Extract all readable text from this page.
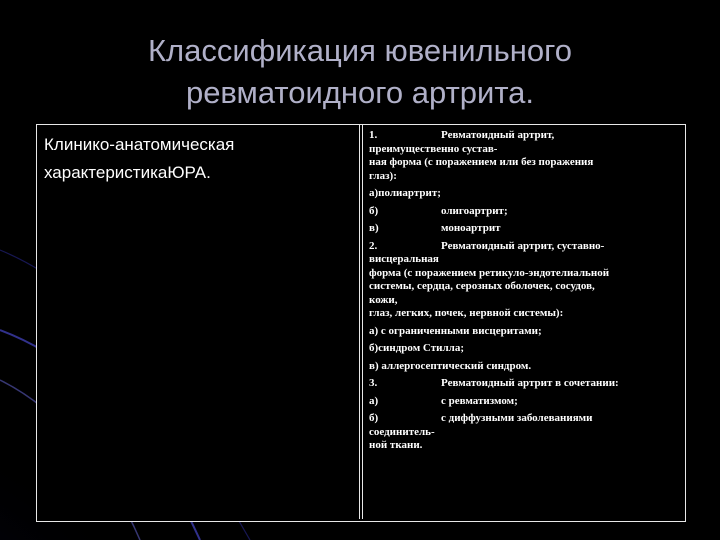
Классификация ювенильного
ревматоидного артрита.
Клинико-анатомическая
характеристикаЮРА.
1.	Ревматоидный артрит,
преимущественно сустав-
ная форма (с поражением или без поражения
глаз):
а)полиартрит;
б)	олигоартрит;
в)	моноартрит
2.	Ревматоидный артрит, суставно-
висцеральная
форма (с поражением ретикуло-эндотелиальной
системы, сердца, серозных оболочек, сосудов,
кожи,
глаз, легких, почек, нервной системы):
а) с ограниченными висцеритами;
б)синдром Стилла;
в) аллергосептический синдром.
3.	Ревматоидный артрит в сочетании:
а)	с ревматизмом;
б)	с диффузными заболеваниями
соединитель-
ной ткани.
